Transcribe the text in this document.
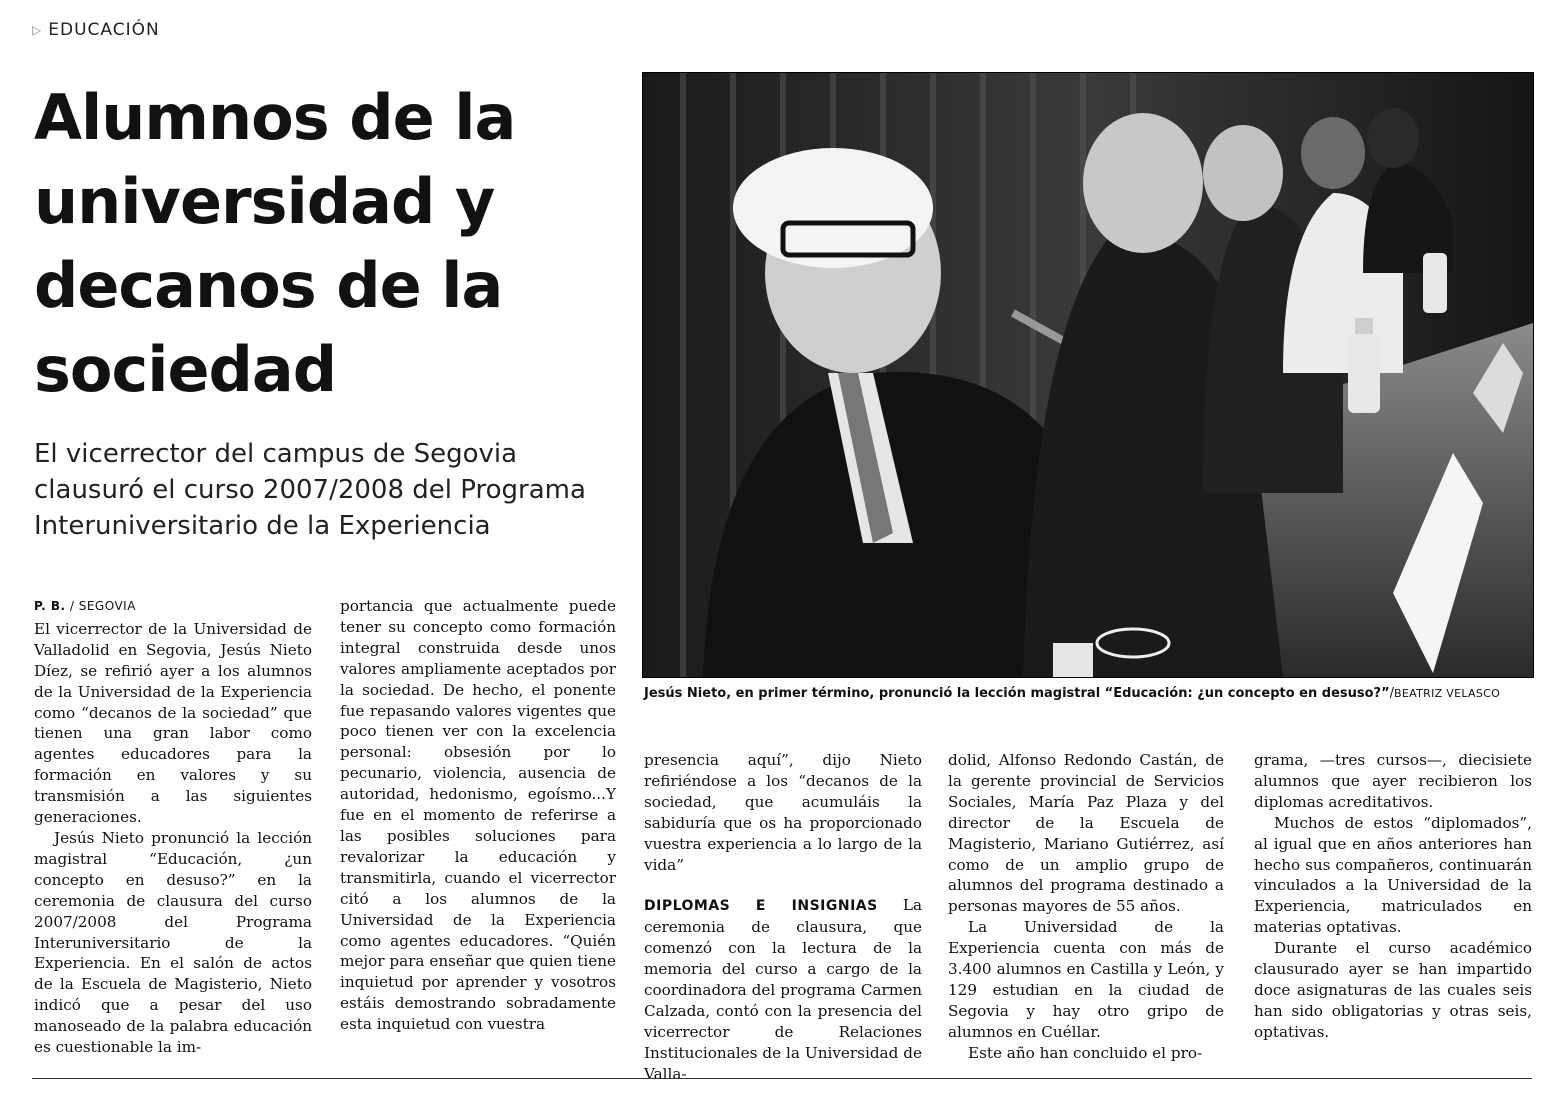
▷ EDUCACIÓN
Alumnos de la universidad y decanos de la sociedad
El vicerrector del campus de Segovia clausuró el curso 2007/2008 del Programa Interuniversitario de la Experiencia
Jesús Nieto, en primer término, pronunció la lección magistral “Educación: ¿un concepto en desuso?”/BEATRIZ VELASCO
P. B. / SEGOVIA

El vicerrector de la Universidad de Valladolid en Segovia, Jesús Nieto Díez, se refirió ayer a los alumnos de la Universidad de la Experiencia como “decanos de la sociedad” que tienen una gran labor como agentes educadores para la formación en valores y su transmisión a las siguientes generaciones.

Jesús Nieto pronunció la lección magistral “Educación, ¿un concepto en desuso?” en la ceremonia de clausura del curso 2007/2008 del Programa Interuniversitario de la Experiencia. En el salón de actos de la Escuela de Magisterio, Nieto indicó que a pesar del uso manoseado de la palabra educación es cuestionable la im-

portancia que actualmente puede tener su concepto como formación integral construida desde unos valores ampliamente aceptados por la sociedad. De hecho, el ponente fue repasando valores vigentes que poco tienen ver con la excelencia personal: obsesión por lo pecunario, violencia, ausencia de autoridad, hedonismo, egoísmo...Y fue en el momento de referirse a las posibles soluciones para revalorizar la educación y transmitirla, cuando el vicerrector citó a los alumnos de la Universidad de la Experiencia como agentes educadores. “Quién mejor para enseñar que quien tiene inquietud por aprender y vosotros estáis demostrando sobradamente esta inquietud con vuestra

presencia aquí”, dijo Nieto refiriéndose a los “decanos de la sociedad, que acumuláis la sabiduría que os ha proporcionado vuestra experiencia a lo largo de la vida”

DIPLOMAS E INSIGNIAS La ceremonia de clausura, que comenzó con la lectura de la memoria del curso a cargo de la coordinadora del programa Carmen Calzada, contó con la presencia del vicerrector de Relaciones Institucionales de la Universidad de Valla-

dolid, Alfonso Redondo Castán, de la gerente provincial de Servicios Sociales, María Paz Plaza y del director de la Escuela de Magisterio, Mariano Gutiérrez, así como de un amplio grupo de alumnos del programa destinado a personas mayores de 55 años.

La Universidad de la Experiencia cuenta con más de 3.400 alumnos en Castilla y León, y 129 estudian en la ciudad de Segovia y hay otro gripo de alumnos en Cuéllar.

Este año han concluido el pro-

grama, —tres cursos—, diecisiete alumnos que ayer recibieron los diplomas acreditativos.

Muchos de estos “diplomados”, al igual que en años anteriores han hecho sus compañeros, continuarán vinculados a la Universidad de la Experiencia, matriculados en materias optativas.

Durante el curso académico clausurado ayer se han impartido doce asignaturas de las cuales seis han sido obligatorias y otras seis, optativas.
